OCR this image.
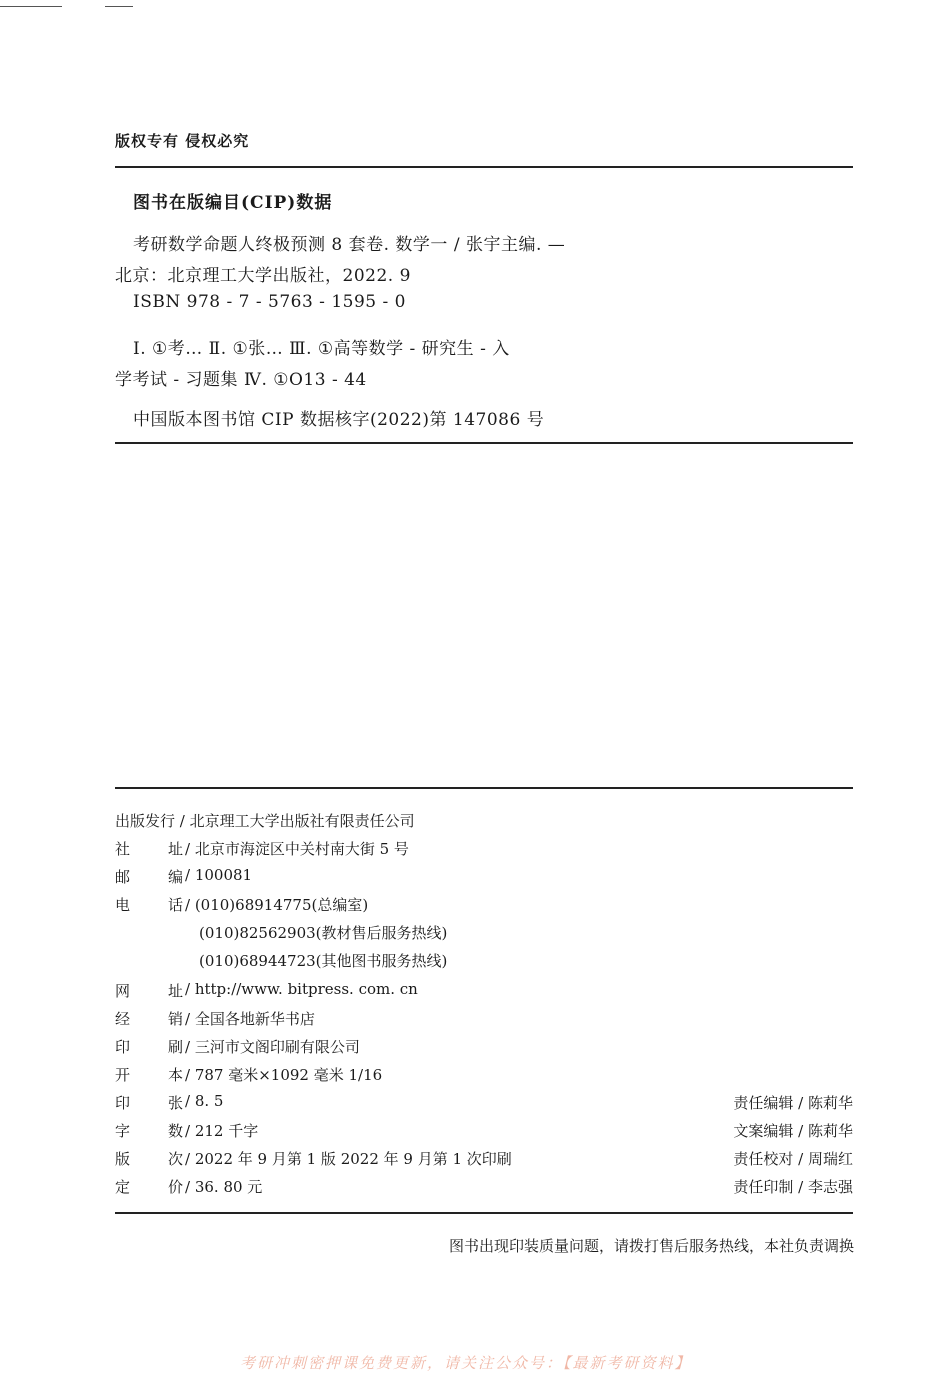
版权专有 侵权必究
图书在版编目(CIP)数据
考研数学命题人终极预测 8 套卷. 数学一 / 张宇主编. —
北京：北京理工大学出版社，2022. 9
ISBN 978 - 7 - 5763 - 1595 - 0
Ⅰ. ①考… Ⅱ. ①张… Ⅲ. ①高等数学 - 研究生 - 入
学考试 - 习题集 Ⅳ. ①O13 - 44
中国版本图书馆 CIP 数据核字(2022)第 147086 号
出版发行 / 北京理工大学出版社有限责任公司
社	址 / 北京市海淀区中关村南大街 5 号
邮	编 / 100081
电	话 / (010)68914775(总编室)
(010)82562903(教材售后服务热线)
(010)68944723(其他图书服务热线)
网	址 / http://www. bitpress. com. cn
经	销 / 全国各地新华书店
印	刷 / 三河市文阁印刷有限公司
开	本 / 787 毫米×1092 毫米 1/16
印	张 / 8. 5	责任编辑 / 陈莉华
字	数 / 212 千字	文案编辑 / 陈莉华
版	次 / 2022 年 9 月第 1 版 2022 年 9 月第 1 次印刷	责任校对 / 周瑞红
定	价 / 36. 80 元	责任印制 / 李志强
图书出现印装质量问题，请拨打售后服务热线，本社负责调换
考研冲刺密押课免费更新，请关注公众号：【最新考研资料】
